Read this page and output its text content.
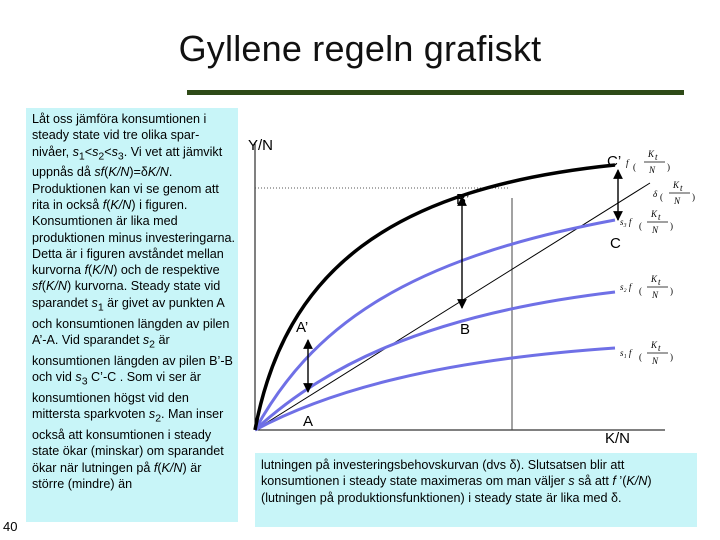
Gyllene regeln grafiskt
Låt oss jämföra konsumtionen i steady state vid tre olika spar-nivåer, $s_1<s_2<s_3$. Vi vet att jämvikt uppnås då sf(K/N)=δK/N. Produktionen kan vi se genom att rita in också f(K/N) i figuren. Konsumtionen är lika med produktionen minus investeringarna. Detta är i figuren avståndet mellan kurvorna f(K/N) och de respektive sf(K/N) kurvorna. Steady state vid sparandet $s_1$ är givet av punkten A och konsumtionen längden av pilen A’-A. Vid sparandet $s_2$ är konsumtionen längden av pilen B’-B och vid $s_3$ C’-C . Som vi ser är konsumtionen högst vid den mittersta sparkvoten $s_2$. Man inser också att konsumtionen i steady state ökar (minskar) om sparandet ökar när lutningen på f(K/N) är större (mindre) än
40
Y/N
K/N
C’
B’
C
A’	B
A
f (
K t
N )
δ (
K t
N )
s₃ f (
K t
N )
s₂ f (
K t
N )
s₁ f (
K t
N )
lutningen på investeringsbehovskurvan (dvs δ). Slutsatsen blir att konsumtionen i steady state maximeras om man väljer s så att f ’(K/N) (lutningen på produktionsfunktionen) i steady state är lika med δ.
